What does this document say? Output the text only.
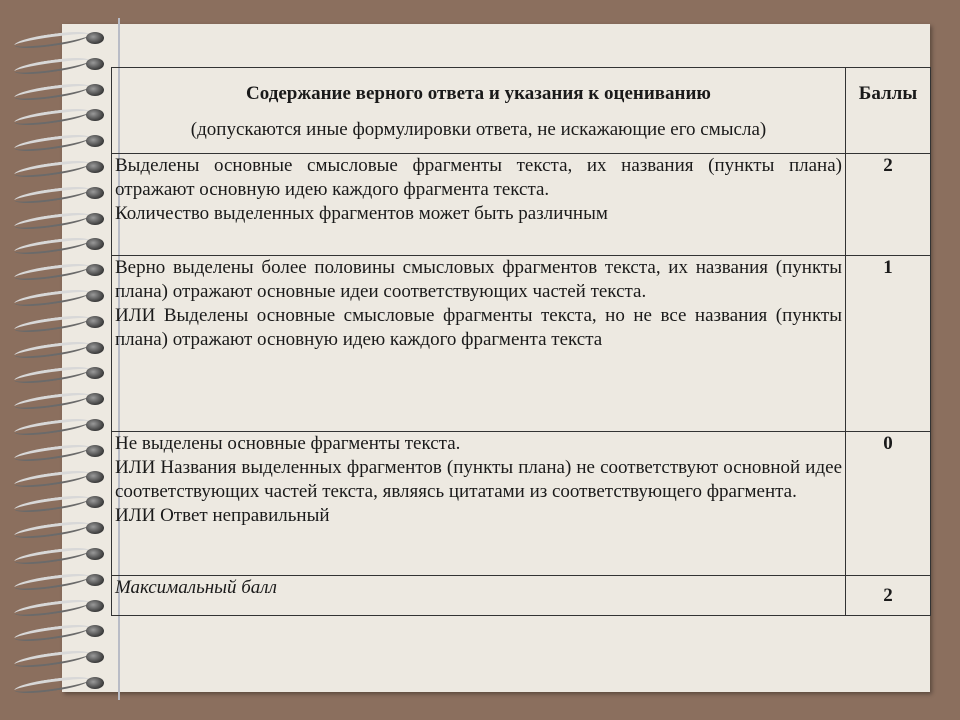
Содержание верного ответа и указания к оцениванию
(допускаются иные формулировки ответа, не искажающие его смысла)	Баллы

Выделены основные смысловые фрагменты текста, их названия (пункты плана) отражают основную идею каждого фрагмента текста.
Количество выделенных фрагментов может быть различным	2

Верно выделены более половины смысловых фрагментов текста, их названия (пункты плана) отражают основные идеи соответствующих частей текста.
ИЛИ Выделены основные смысловые фрагменты текста, но не все названия (пункты плана) отражают основную идею каждого фрагмента текста	1

Не выделены основные фрагменты текста.
ИЛИ Названия выделенных фрагментов (пункты плана) не соответствуют основной идее соответствующих частей текста, являясь цитатами из соответствующего фрагмента.
ИЛИ Ответ неправильный	0
Максимальный балл	2
